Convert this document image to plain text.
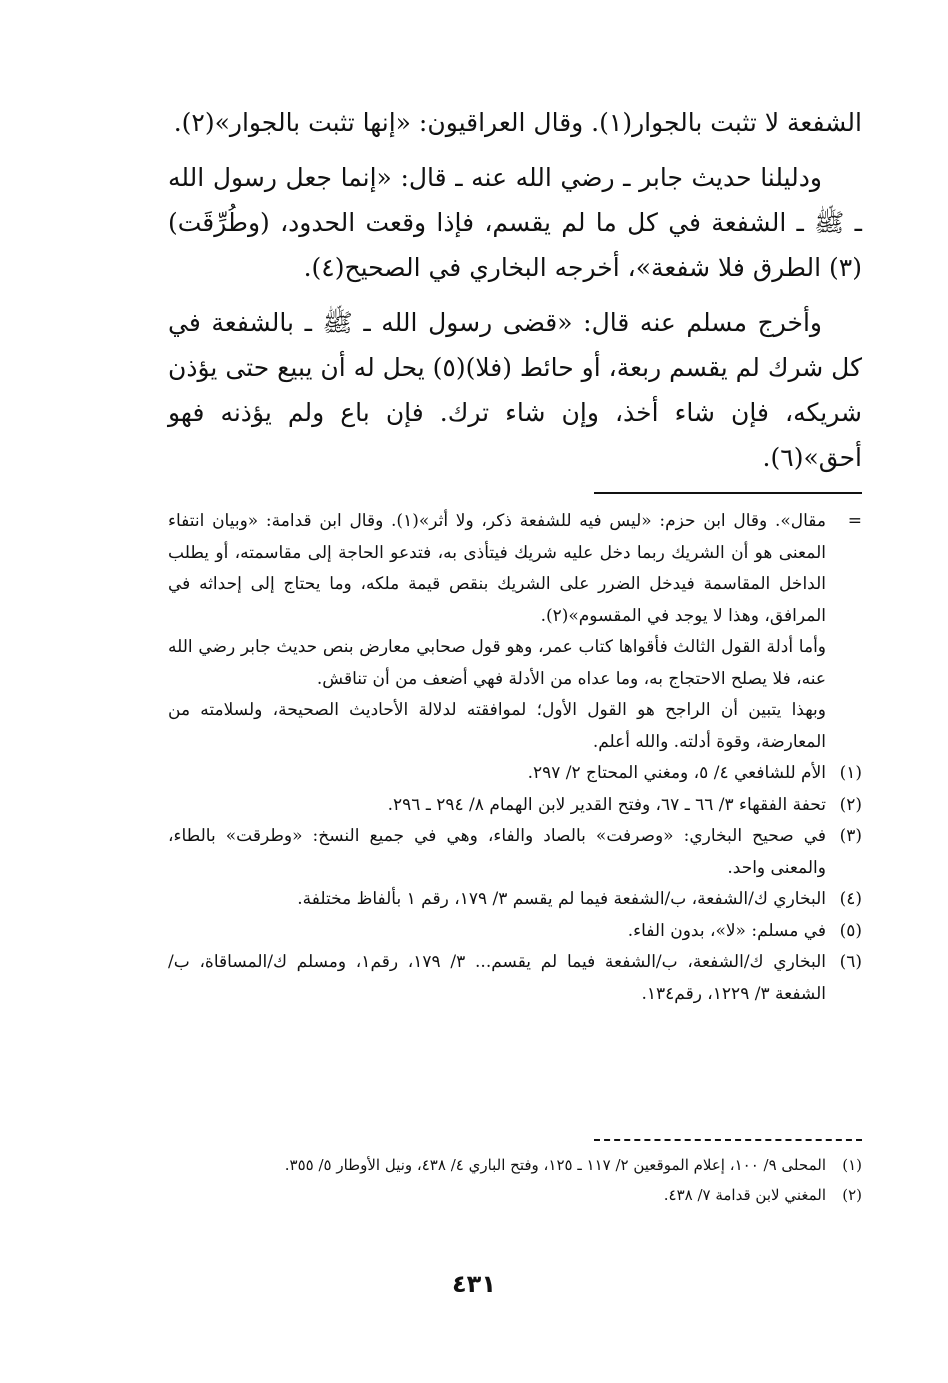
الشفعة لا تثبت بالجوار(١). وقال العراقيون: «إنها تثبت بالجوار»(٢).

ودليلنا حديث جابر ـ رضي الله عنه ـ قال: «إنما جعل رسول الله ـ ﷺ ـ الشفعة في كل ما لم يقسم، فإذا وقعت الحدود، (وطُرِّقَت)(٣) الطرق فلا شفعة»، أخرجه البخاري في الصحيح(٤).

وأخرج مسلم عنه قال: «قضى رسول الله ـ ﷺ ـ بالشفعة في كل شرك لم يقسم ربعة، أو حائط (فلا)(٥) يحل له أن يبيع حتى يؤذن شريكه، فإن شاء أخذ، وإن شاء ترك. فإن باع ولم يؤذنه فهو أحق»(٦).

=
مقال». وقال ابن حزم: «ليس فيه للشفعة ذكر، ولا أثر»(١). وقال ابن قدامة: «وبيان انتفاء المعنى هو أن الشريك ربما دخل عليه شريك فيتأذى به، فتدعو الحاجة إلى مقاسمته، أو يطلب الداخل المقاسمة فيدخل الضرر على الشريك بنقص قيمة ملكه، وما يحتاج إلى إحداثه في المرافق، وهذا لا يوجد في المقسوم»(٢).
وأما أدلة القول الثالث فأقواها كتاب عمر، وهو قول صحابي معارض بنص حديث جابر رضي الله عنه، فلا يصلح الاحتجاج به، وما عداه من الأدلة فهي أضعف من أن تناقش.
وبهذا يتبين أن الراجح هو القول الأول؛ لموافقته لدلالة الأحاديث الصحيحة، ولسلامته من المعارضة، وقوة أدلته. والله أعلم.
(١)
الأم للشافعي ٤/ ٥، ومغني المحتاج ٢/ ٢٩٧.
(٢)
تحفة الفقهاء ٣/ ٦٦ ـ ٦٧، وفتح القدير لابن الهمام ٨/ ٢٩٤ ـ ٢٩٦.
(٣)
في صحيح البخاري: «وصرفت» بالصاد والفاء، وهي في جميع النسخ: «وطرقت» بالطاء، والمعنى واحد.
(٤)
البخاري ك/الشفعة، ب/الشفعة فيما لم يقسم ٣/ ١٧٩، رقم ١ بألفاظ مختلفة.
(٥)
في مسلم: «لا»، بدون الفاء.
(٦)
البخاري ك/الشفعة، ب/الشفعة فيما لم يقسم... ٣/ ١٧٩، رقم١، ومسلم ك/المساقاة، ب/الشفعة ٣/ ١٢٢٩، رقم١٣٤.
(١)
المحلى ٩/ ١٠٠، إعلام الموقعين ٢/ ١١٧ ـ ١٢٥، وفتح الباري ٤/ ٤٣٨، ونيل الأوطار ٥/ ٣٥٥.
(٢)
المغني لابن قدامة ٧/ ٤٣٨.
٤٣١
